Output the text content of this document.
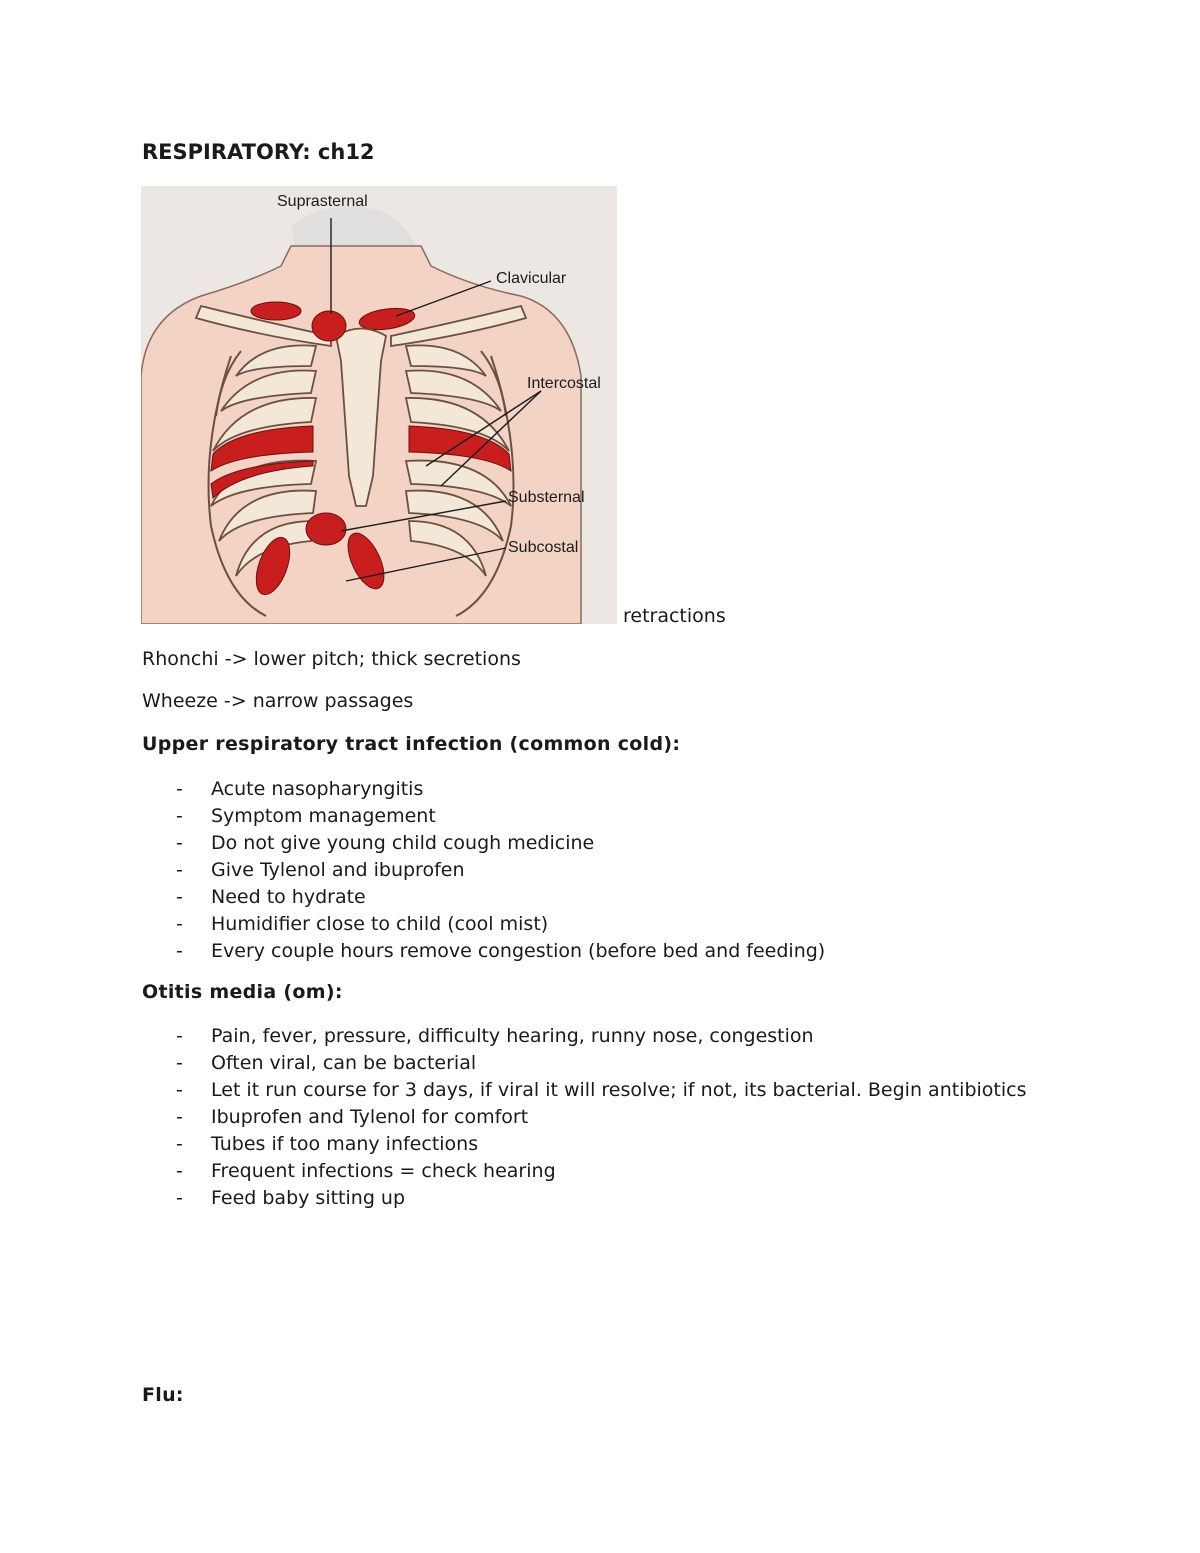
RESPIRATORY: ch12
Suprasternal
Clavicular
Intercostal
Substernal
Subcostal
retractions

Rhonchi -> lower pitch; thick secretions

Wheeze -> narrow passages

Upper respiratory tract infection (common cold):
- Acute nasopharyngitis
- Symptom management
- Do not give young child cough medicine
- Give Tylenol and ibuprofen
- Need to hydrate
- Humidifier close to child (cool mist)
- Every couple hours remove congestion (before bed and feeding)
Otitis media (om):
- Pain, fever, pressure, difficulty hearing, runny nose, congestion
- Often viral, can be bacterial
- Let it run course for 3 days, if viral it will resolve; if not, its bacterial. Begin antibiotics
- Ibuprofen and Tylenol for comfort
- Tubes if too many infections
- Frequent infections = check hearing
- Feed baby sitting up
Flu:
